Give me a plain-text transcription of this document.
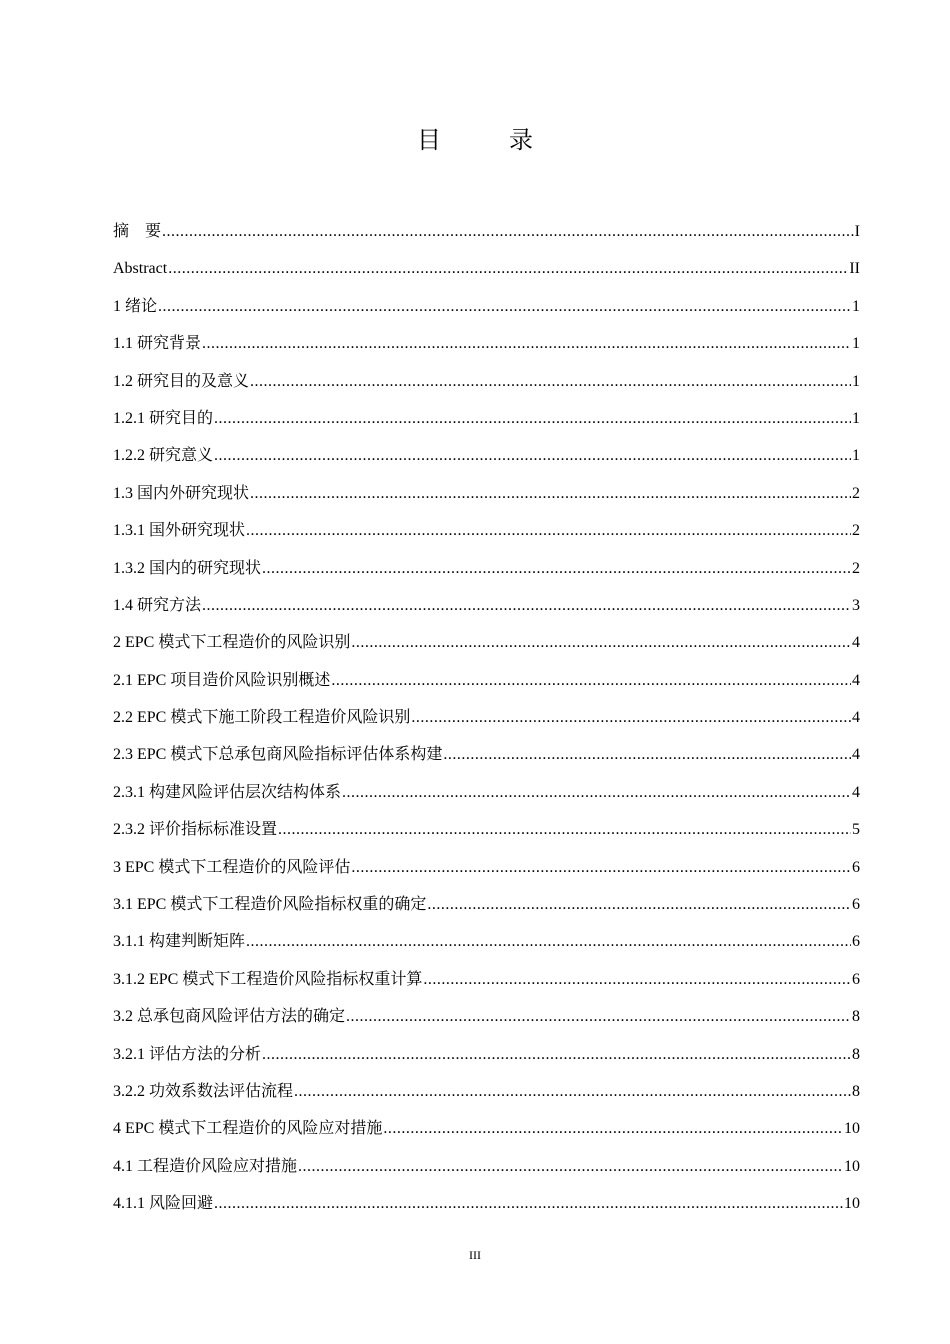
目　录
摘　要 .....	I
Abstract .....	II
1 绪论 .....	1
1.1 研究背景 .....	1
1.2 研究目的及意义 .....	1
1.2.1 研究目的 .....	1
1.2.2 研究意义 .....	1
1.3 国内外研究现状 .....	2
1.3.1 国外研究现状 .....	2
1.3.2 国内的研究现状 .....	2
1.4 研究方法 .....	3
2 EPC 模式下工程造价的风险识别 .....	4
2.1 EPC 项目造价风险识别概述 .....	4
2.2 EPC 模式下施工阶段工程造价风险识别 .....	4
2.3 EPC 模式下总承包商风险指标评估体系构建 .....	4
2.3.1 构建风险评估层次结构体系 .....	4
2.3.2 评价指标标准设置 .....	5
3 EPC 模式下工程造价的风险评估 .....	6
3.1 EPC 模式下工程造价风险指标权重的确定 .....	6
3.1.1 构建判断矩阵 .....	6
3.1.2 EPC 模式下工程造价风险指标权重计算 .....	6
3.2 总承包商风险评估方法的确定 .....	8
3.2.1 评估方法的分析 .....	8
3.2.2 功效系数法评估流程 .....	8
4 EPC 模式下工程造价的风险应对措施 .....	10
4.1 工程造价风险应对措施 .....	10
4.1.1 风险回避 .....	10
III
